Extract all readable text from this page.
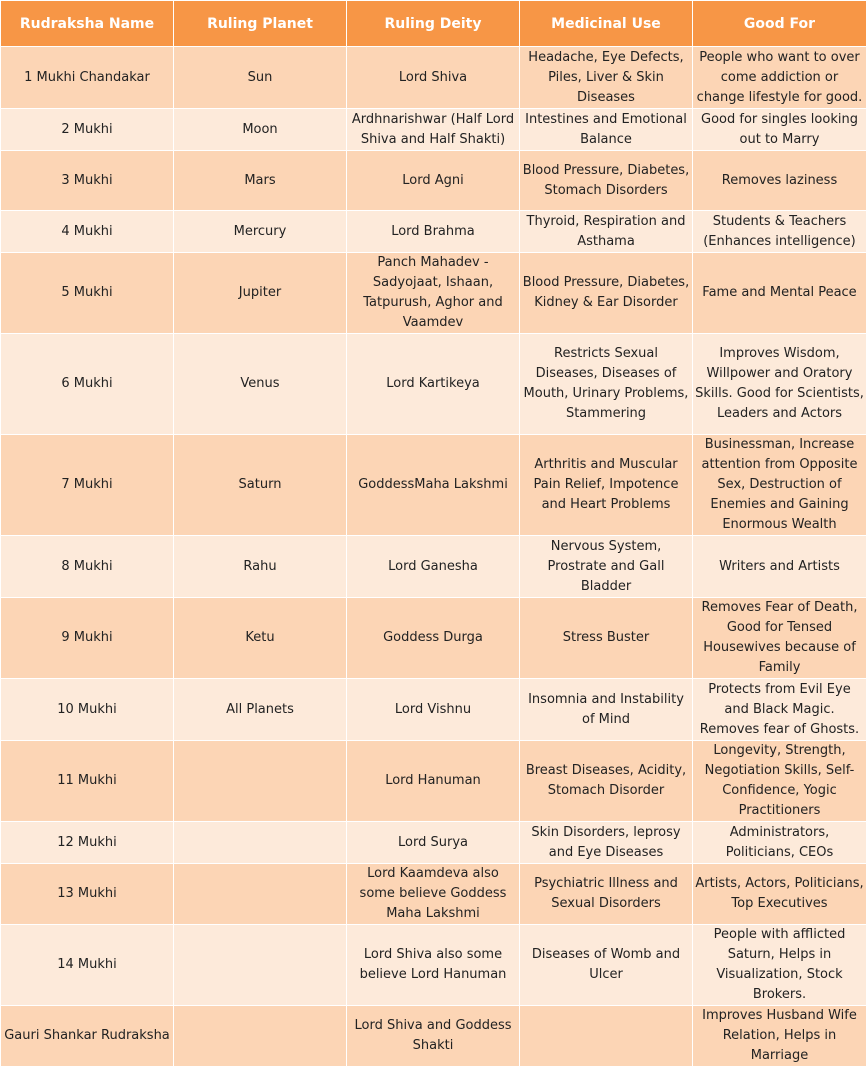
Rudraksha Name	Ruling Planet	Ruling Deity	Medicinal Use	Good For
1 Mukhi Chandakar	Sun	Lord Shiva	Headache, Eye Defects, Piles, Liver & Skin Diseases	People who want to over come addiction or change lifestyle for good.
2 Mukhi	Moon	Ardhnarishwar (Half Lord Shiva and Half Shakti)	Intestines and Emotional Balance	Good for singles looking out to Marry
3 Mukhi	Mars	Lord Agni	Blood Pressure, Diabetes, Stomach Disorders	Removes laziness
4 Mukhi	Mercury	Lord Brahma	Thyroid, Respiration and Asthama	Students & Teachers (Enhances intelligence)
5 Mukhi	Jupiter	Panch Mahadev - Sadyojaat, Ishaan, Tatpurush, Aghor and Vaamdev	Blood Pressure, Diabetes, Kidney & Ear Disorder	Fame and Mental Peace
6 Mukhi	Venus	Lord Kartikeya	Restricts Sexual Diseases, Diseases of Mouth, Urinary Problems, Stammering	Improves Wisdom, Willpower and Oratory Skills. Good for Scientists, Leaders and Actors
7 Mukhi	Saturn	GoddessMaha Lakshmi	Arthritis and Muscular Pain Relief, Impotence and Heart Problems	Businessman, Increase attention from Opposite Sex, Destruction of Enemies and Gaining Enormous Wealth
8 Mukhi	Rahu	Lord Ganesha	Nervous System, Prostrate and Gall Bladder	Writers and Artists
9 Mukhi	Ketu	Goddess Durga	Stress Buster	Removes Fear of Death, Good for Tensed Housewives because of Family
10 Mukhi	All Planets	Lord Vishnu	Insomnia and Instability of Mind	Protects from Evil Eye and Black Magic. Removes fear of Ghosts.
11 Mukhi		Lord Hanuman	Breast Diseases, Acidity, Stomach Disorder	Longevity, Strength, Negotiation Skills, Self-Confidence, Yogic Practitioners
12 Mukhi		Lord Surya	Skin Disorders, leprosy and Eye Diseases	Administrators, Politicians, CEOs
13 Mukhi		Lord Kaamdeva also some believe Goddess Maha Lakshmi	Psychiatric Illness and Sexual Disorders	Artists, Actors, Politicians, Top Executives
14 Mukhi		Lord Shiva also some believe Lord Hanuman	Diseases of Womb and Ulcer	People with afflicted Saturn, Helps in Visualization, Stock Brokers.
Gauri Shankar Rudraksha		Lord Shiva and Goddess Shakti		Improves Husband Wife Relation, Helps in Marriage
